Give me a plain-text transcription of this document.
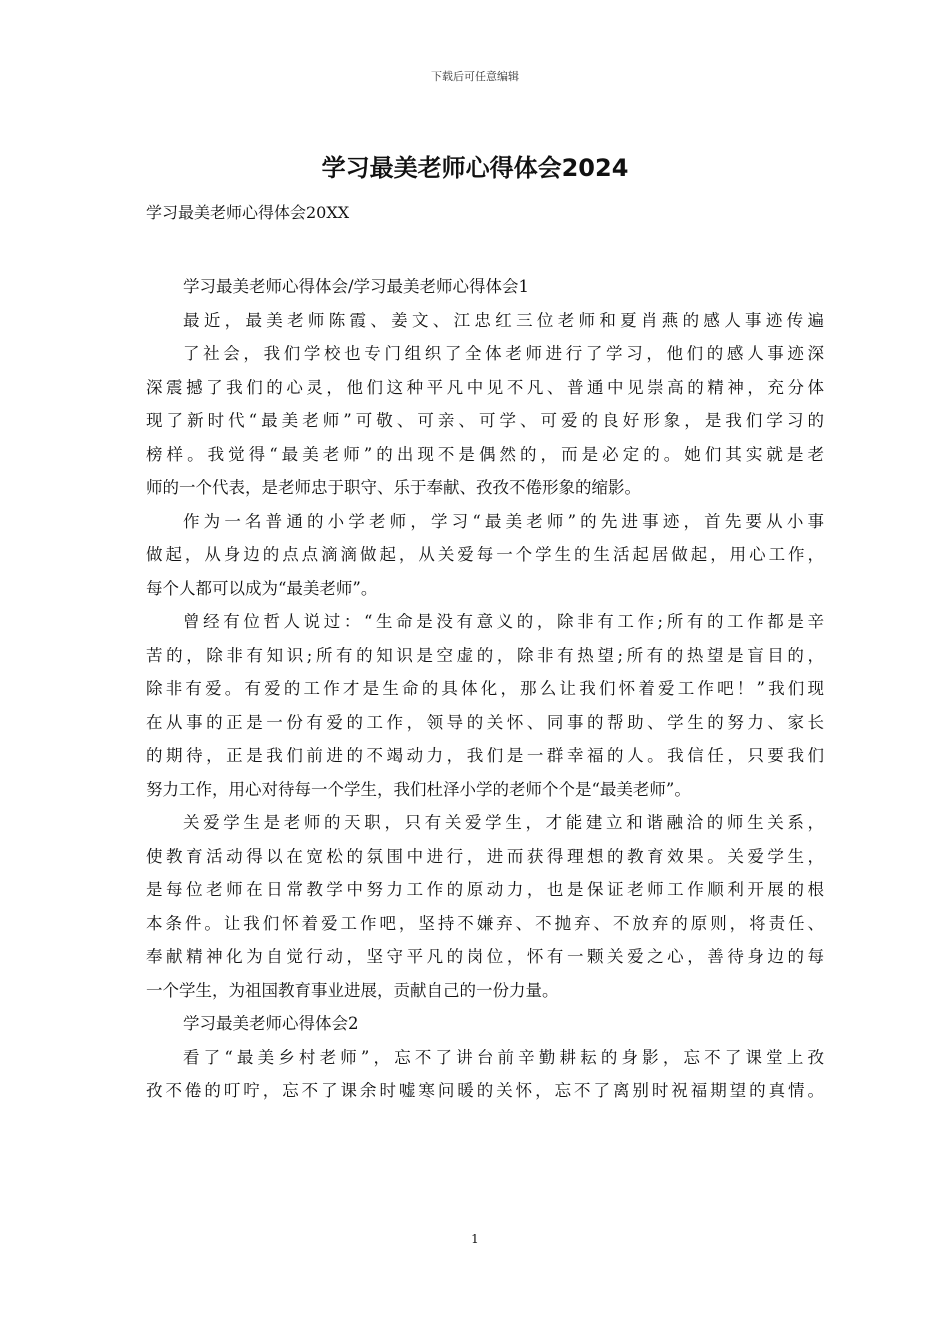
下载后可任意编辑
学习最美老师心得体会2024

学习最美老师心得体会20XX

学习最美老师心得体会/学习最美老师心得体会1
最近，最美老师陈霞、姜文、江忠红三位老师和夏肖燕的感人事迹传遍
了社会，我们学校也专门组织了全体老师进行了学习，他们的感人事迹深
深震撼了我们的心灵，他们这种平凡中见不凡、普通中见崇高的精神，充分体
现了新时代“最美老师”可敬、可亲、可学、可爱的良好形象，是我们学习的
榜样。我觉得“最美老师”的出现不是偶然的，而是必定的。她们其实就是老
师的一个代表，是老师忠于职守、乐于奉献、孜孜不倦形象的缩影。
作为一名普通的小学老师，学习“最美老师”的先进事迹，首先要从小事
做起，从身边的点点滴滴做起，从关爱每一个学生的生活起居做起，用心工作，
每个人都可以成为“最美老师”。
曾经有位哲人说过：“生命是没有意义的，除非有工作;所有的工作都是辛
苦的，除非有知识;所有的知识是空虚的，除非有热望;所有的热望是盲目的，
除非有爱。有爱的工作才是生命的具体化，那么让我们怀着爱工作吧！”我们现
在从事的正是一份有爱的工作，领导的关怀、同事的帮助、学生的努力、家长
的期待，正是我们前进的不竭动力，我们是一群幸福的人。我信任，只要我们
努力工作，用心对待每一个学生，我们杜泽小学的老师个个是“最美老师”。
关爱学生是老师的天职，只有关爱学生，才能建立和谐融洽的师生关系，
使教育活动得以在宽松的氛围中进行，进而获得理想的教育效果。关爱学生，
是每位老师在日常教学中努力工作的原动力，也是保证老师工作顺利开展的根
本条件。让我们怀着爱工作吧，坚持不嫌弃、不抛弃、不放弃的原则，将责任、
奉献精神化为自觉行动，坚守平凡的岗位，怀有一颗关爱之心，善待身边的每
一个学生，为祖国教育事业进展，贡献自己的一份力量。
学习最美老师心得体会2
看了“最美乡村老师”，忘不了讲台前辛勤耕耘的身影，忘不了课堂上孜
孜不倦的叮咛，忘不了课余时嘘寒问暖的关怀，忘不了离别时祝福期望的真情。
1
